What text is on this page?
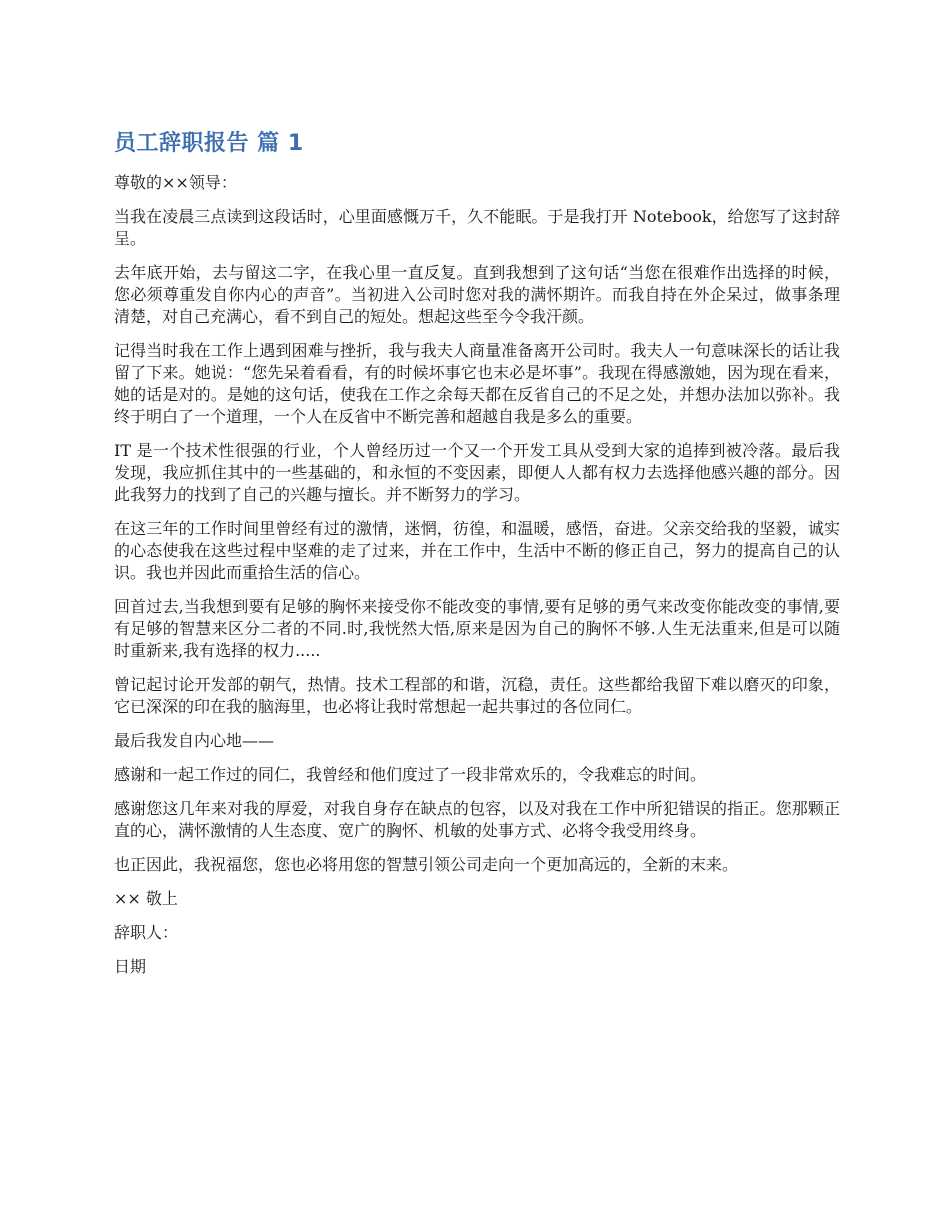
员工辞职报告 篇 1

尊敬的××领导：

当我在凌晨三点读到这段话时，心里面感慨万千，久不能眠。于是我打开 Notebook，给您写了这封辞呈。

去年底开始，去与留这二字，在我心里一直反复。直到我想到了这句话“当您在很难作出选择的时候，您必须尊重发自你内心的声音”。当初进入公司时您对我的满怀期许。而我自持在外企呆过，做事条理清楚，对自己充满心，看不到自己的短处。想起这些至今令我汗颜。

记得当时我在工作上遇到困难与挫折，我与我夫人商量准备离开公司时。我夫人一句意味深长的话让我留了下来。她说：“您先呆着看看，有的时候坏事它也末必是坏事”。我现在得感激她，因为现在看来，她的话是对的。是她的这句话，使我在工作之余每天都在反省自己的不足之处，并想办法加以弥补。我终于明白了一个道理，一个人在反省中不断完善和超越自我是多么的重要。

IT 是一个技术性很强的行业，个人曾经历过一个又一个开发工具从受到大家的追捧到被冷落。最后我发现，我应抓住其中的一些基础的，和永恒的不变因素，即便人人都有权力去选择他感兴趣的部分。因此我努力的找到了自己的兴趣与擅长。并不断努力的学习。

在这三年的工作时间里曾经有过的激情，迷惘，彷徨，和温暖，感悟，奋进。父亲交给我的坚毅，诚实的心态使我在这些过程中坚难的走了过来，并在工作中，生活中不断的修正自己，努力的提高自己的认识。我也并因此而重拾生活的信心。

回首过去,当我想到要有足够的胸怀来接受你不能改变的事情,要有足够的勇气来改变你能改变的事情,要有足够的智慧来区分二者的不同.时,我恍然大悟,原来是因为自己的胸怀不够.人生无法重来,但是可以随时重新来,我有选择的权力.....

曾记起讨论开发部的朝气，热情。技术工程部的和谐，沉稳，责任。这些都给我留下难以磨灭的印象，它已深深的印在我的脑海里，也必将让我时常想起一起共事过的各位同仁。

最后我发自内心地——

感谢和一起工作过的同仁，我曾经和他们度过了一段非常欢乐的，令我难忘的时间。

感谢您这几年来对我的厚爱，对我自身存在缺点的包容，以及对我在工作中所犯错误的指正。您那颗正直的心，满怀激情的人生态度、宽广的胸怀、机敏的处事方式、必将令我受用终身。

也正因此，我祝福您，您也必将用您的智慧引领公司走向一个更加高远的，全新的末来。

×× 敬上

辞职人：

日期
